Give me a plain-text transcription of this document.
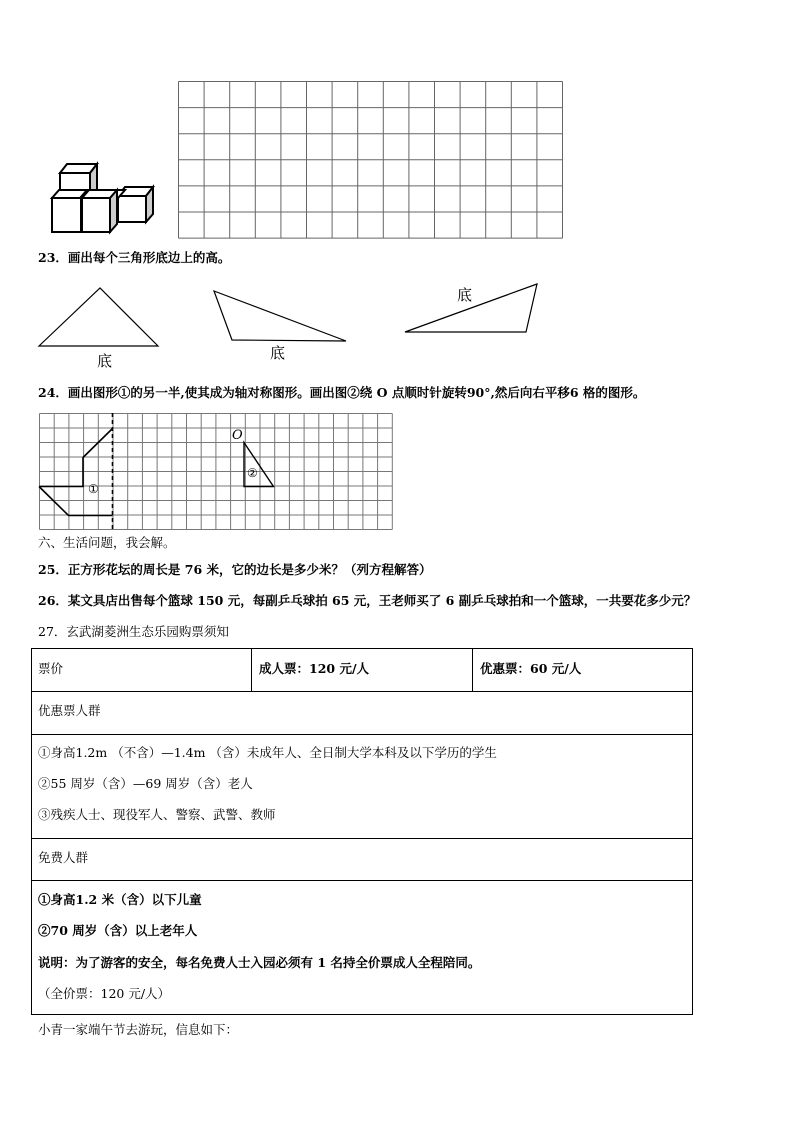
底	底
底
O
①
②
23．画出每个三角形底边上的高。
24．画出图形①的另一半,使其成为轴对称图形。画出图②绕 O 点顺时针旋转90°,然后向右平移6 格的图形。
六、生活问题，我会解。
25．正方形花坛的周长是 76 米，它的边长是多少米？（列方程解答）
26．某文具店出售每个篮球 150 元，每副乒乓球拍 65 元，王老师买了 6 副乒乓球拍和一个篮球，一共要花多少元？
27．玄武湖菱洲生态乐园购票须知
票价	成人票：120 元/人	优惠票：60 元/人
优惠票人群
①身高1.2m （不含）—1.4m （含）未成年人、全日制大学本科及以下学历的学生
②55 周岁（含）—69 周岁（含）老人
③残疾人士、现役军人、警察、武警、教师
免费人群
①身高1.2 米（含）以下儿童
②70 周岁（含）以上老年人
说明：为了游客的安全，每名免费人士入园必须有 1 名持全价票成人全程陪同。
（全价票：120 元/人）
小青一家端午节去游玩，信息如下：
